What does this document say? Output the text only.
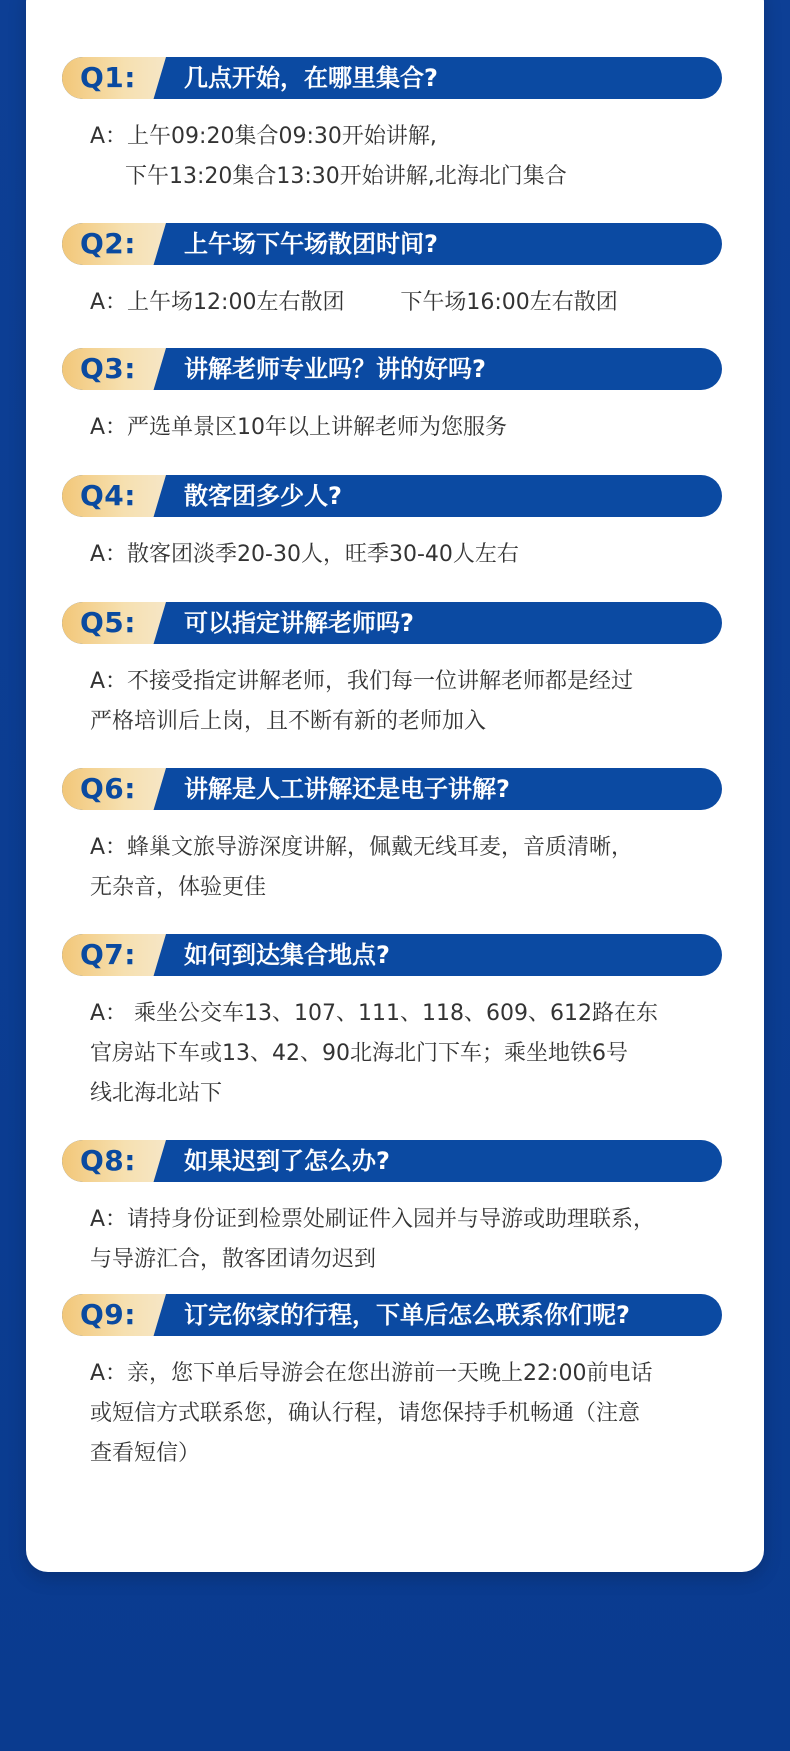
Q1: 几点开始，在哪里集合?
A：上午09:20集合09:30开始讲解,
下午13:20集合13:30开始讲解,北海北门集合
Q2: 上午场下午场散团时间?
A：上午场12:00左右散团        下午场16:00左右散团
Q3: 讲解老师专业吗？讲的好吗?
A：严选单景区10年以上讲解老师为您服务
Q4: 散客团多少人?
A：散客团淡季20-30人，旺季30-40人左右
Q5: 可以指定讲解老师吗?
A：不接受指定讲解老师，我们每一位讲解老师都是经过
严格培训后上岗，且不断有新的老师加入
Q6: 讲解是人工讲解还是电子讲解?
A：蜂巢文旅导游深度讲解，佩戴无线耳麦，音质清晰，
无杂音，体验更佳
Q7: 如何到达集合地点?
A： 乘坐公交车13、107、111、118、609、612路在东
官房站下车或13、42、90北海北门下车；乘坐地铁6号
线北海北站下
Q8: 如果迟到了怎么办?
A：请持身份证到检票处刷证件入园并与导游或助理联系，
与导游汇合，散客团请勿迟到
Q9: 订完你家的行程，下单后怎么联系你们呢?
A：亲，您下单后导游会在您出游前一天晚上22:00前电话
或短信方式联系您，确认行程，请您保持手机畅通（注意
查看短信）
